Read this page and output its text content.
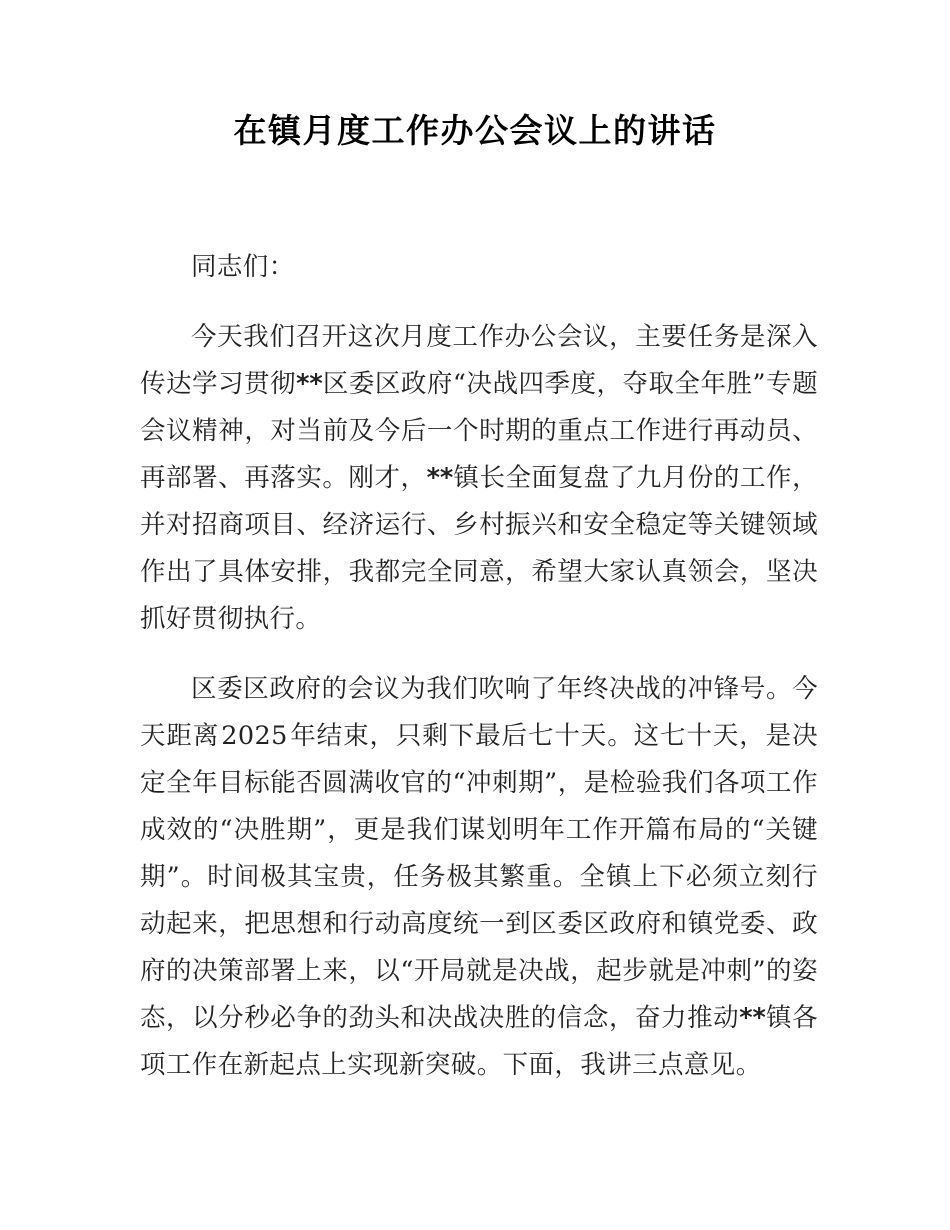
在镇月度工作办公会议上的讲话

同志们：

今天我们召开这次月度工作办公会议，主要任务是深入传达学习贯彻**区委区政府“决战四季度，夺取全年胜”专题会议精神，对当前及今后一个时期的重点工作进行再动员、再部署、再落实。刚才，**镇长全面复盘了九月份的工作，并对招商项目、经济运行、乡村振兴和安全稳定等关键领域作出了具体安排，我都完全同意，希望大家认真领会，坚决抓好贯彻执行。

区委区政府的会议为我们吹响了年终决战的冲锋号。今天距离2025年结束，只剩下最后七十天。这七十天，是决定全年目标能否圆满收官的“冲刺期”，是检验我们各项工作成效的“决胜期”，更是我们谋划明年工作开篇布局的“关键期”。时间极其宝贵，任务极其繁重。全镇上下必须立刻行动起来，把思想和行动高度统一到区委区政府和镇党委、政府的决策部署上来，以“开局就是决战，起步就是冲刺”的姿态，以分秒必争的劲头和决战决胜的信念，奋力推动**镇各项工作在新起点上实现新突破。下面，我讲三点意见。
